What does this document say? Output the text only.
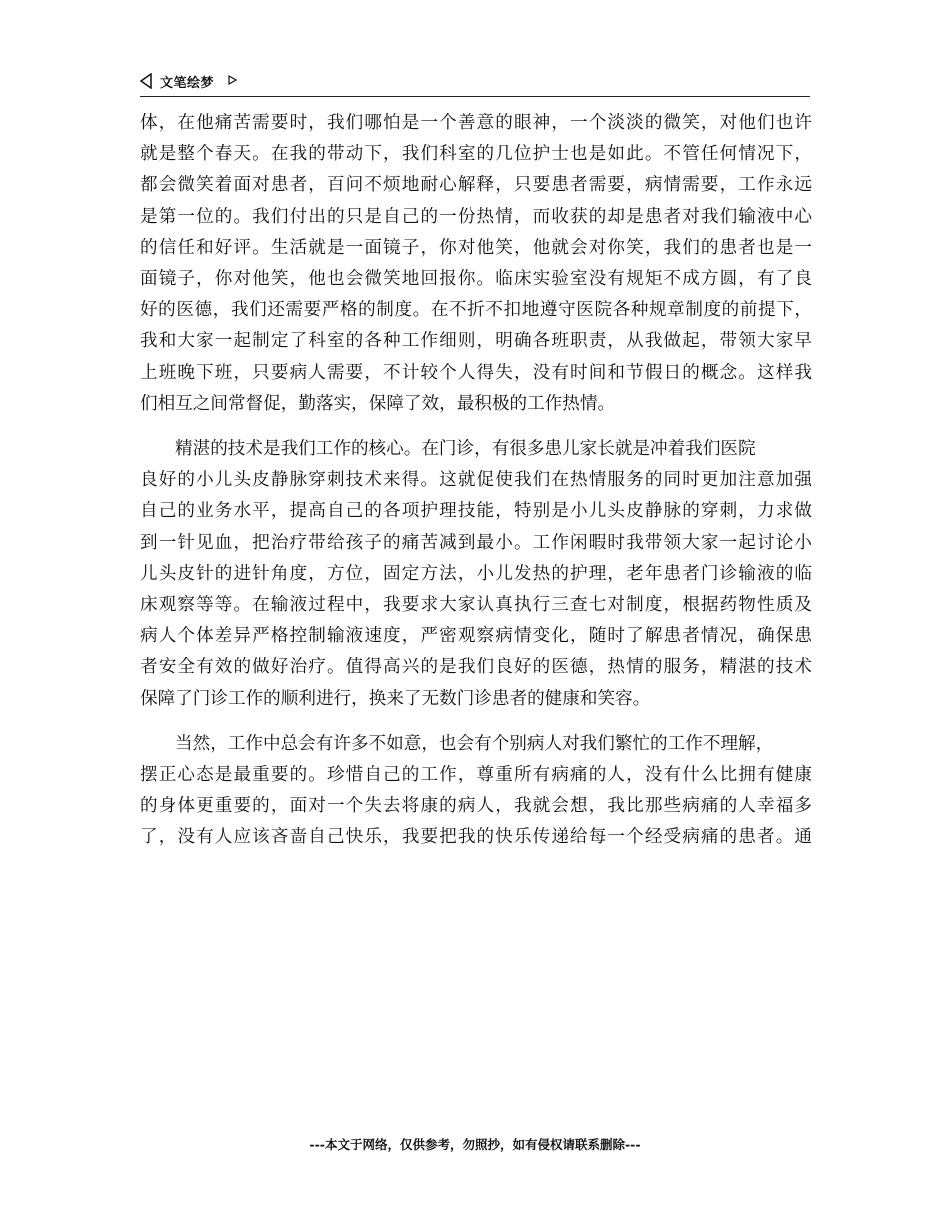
文笔绘梦

体，在他痛苦需要时，我们哪怕是一个善意的眼神，一个淡淡的微笑，对他们也许
就是整个春天。在我的带动下，我们科室的几位护士也是如此。不管任何情况下，
都会微笑着面对患者，百问不烦地耐心解释，只要患者需要，病情需要，工作永远
是第一位的。我们付出的只是自己的一份热情，而收获的却是患者对我们输液中心
的信任和好评。生活就是一面镜子，你对他笑，他就会对你笑，我们的患者也是一
面镜子，你对他笑，他也会微笑地回报你。临床实验室没有规矩不成方圆，有了良
好的医德，我们还需要严格的制度。在不折不扣地遵守医院各种规章制度的前提下，
我和大家一起制定了科室的各种工作细则，明确各班职责，从我做起，带领大家早
上班晚下班，只要病人需要，不计较个人得失，没有时间和节假日的概念。这样我
们相互之间常督促，勤落实，保障了效，最积极的工作热情。

精湛的技术是我们工作的核心。在门诊，有很多患儿家长就是冲着我们医院
良好的小儿头皮静脉穿刺技术来得。这就促使我们在热情服务的同时更加注意加强
自己的业务水平，提高自己的各项护理技能，特别是小儿头皮静脉的穿刺，力求做
到一针见血，把治疗带给孩子的痛苦减到最小。工作闲暇时我带领大家一起讨论小
儿头皮针的进针角度，方位，固定方法，小儿发热的护理，老年患者门诊输液的临
床观察等等。在输液过程中，我要求大家认真执行三查七对制度，根据药物性质及
病人个体差异严格控制输液速度，严密观察病情变化，随时了解患者情况，确保患
者安全有效的做好治疗。值得高兴的是我们良好的医德，热情的服务，精湛的技术
保障了门诊工作的顺利进行，换来了无数门诊患者的健康和笑容。

当然，工作中总会有许多不如意，也会有个别病人对我们繁忙的工作不理解，
摆正心态是最重要的。珍惜自己的工作，尊重所有病痛的人，没有什么比拥有健康
的身体更重要的，面对一个失去将康的病人，我就会想，我比那些病痛的人幸福多
了，没有人应该吝啬自己快乐，我要把我的快乐传递给每一个经受病痛的患者。通

---本文于网络，仅供参考，勿照抄，如有侵权请联系删除---
